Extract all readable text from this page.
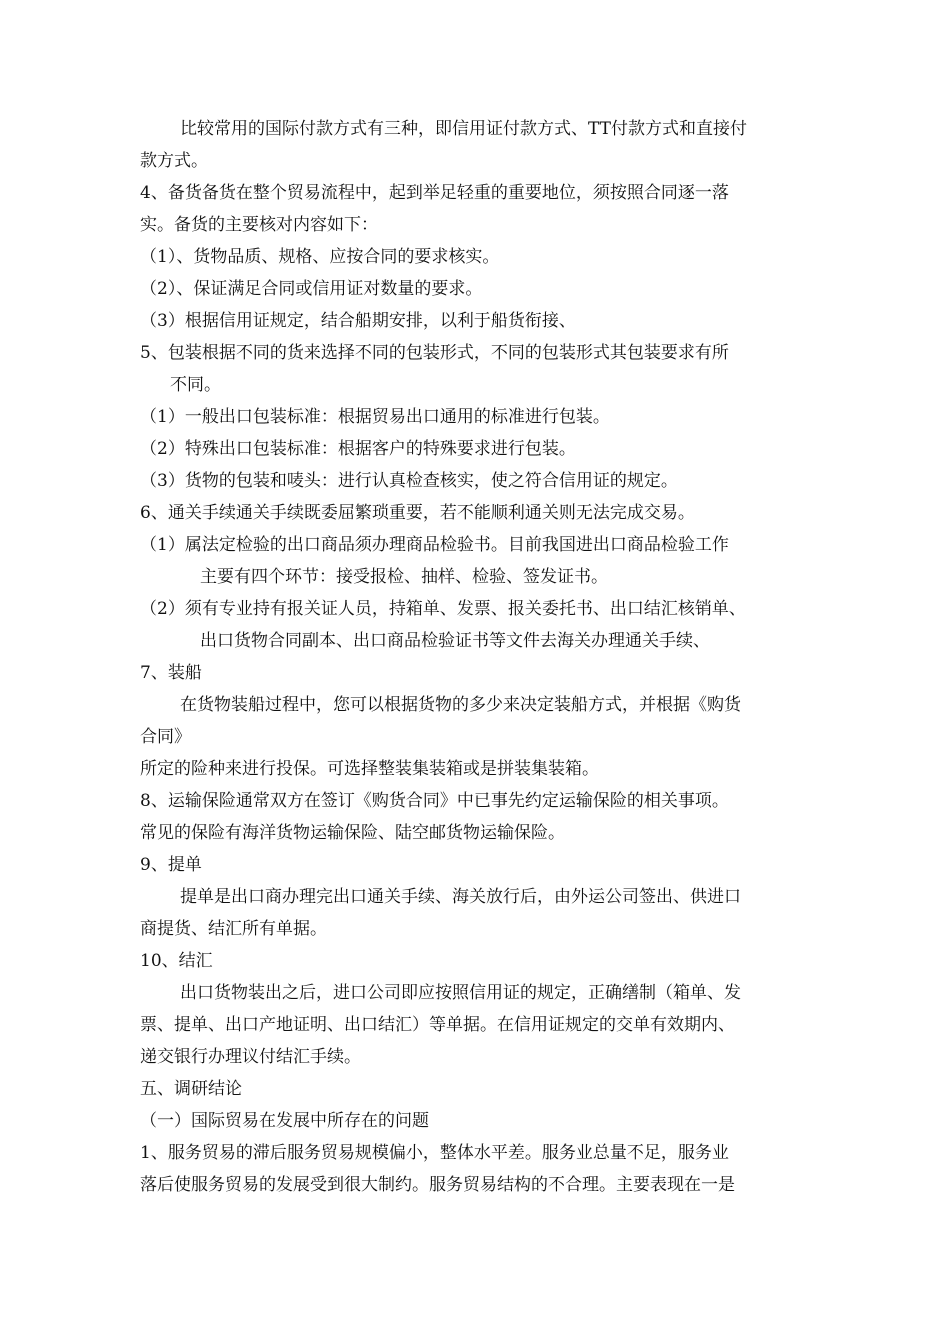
比较常用的国际付款方式有三种，即信用证付款方式、TT付款方式和直接付
款方式。
4、备货备货在整个贸易流程中，起到举足轻重的重要地位，须按照合同逐一落
实。备货的主要核对内容如下：
（1）、货物品质、规格、应按合同的要求核实。
（2）、保证满足合同或信用证对数量的要求。
（3）根据信用证规定，结合船期安排，以利于船货衔接、
5、包装根据不同的货来选择不同的包装形式，不同的包装形式其包装要求有所
不同。
（1）一般出口包装标准：根据贸易出口通用的标准进行包装。
（2）特殊出口包装标准：根据客户的特殊要求进行包装。
（3）货物的包装和唛头：进行认真检查核实，使之符合信用证的规定。
6、通关手续通关手续既委屈繁琐重要，若不能顺利通关则无法完成交易。
（1）属法定检验的出口商品须办理商品检验书。目前我国进出口商品检验工作
主要有四个环节：接受报检、抽样、检验、签发证书。
（2）须有专业持有报关证人员，持箱单、发票、报关委托书、出口结汇核销单、
出口货物合同副本、出口商品检验证书等文件去海关办理通关手续、
7、装船
在货物装船过程中，您可以根据货物的多少来决定装船方式，并根据《购货
合同》
所定的险种来进行投保。可选择整装集装箱或是拼装集装箱。
8、运输保险通常双方在签订《购货合同》中已事先约定运输保险的相关事项。
常见的保险有海洋货物运输保险、陆空邮货物运输保险。
9、提单
提单是出口商办理完出口通关手续、海关放行后，由外运公司签出、供进口
商提货、结汇所有单据。
10、结汇
出口货物装出之后，进口公司即应按照信用证的规定，正确缮制（箱单、发
票、提单、出口产地证明、出口结汇）等单据。在信用证规定的交单有效期内、
递交银行办理议付结汇手续。
五、调研结论
（一）国际贸易在发展中所存在的问题
1、服务贸易的滞后服务贸易规模偏小，整体水平差。服务业总量不足，服务业
落后使服务贸易的发展受到很大制约。服务贸易结构的不合理。主要表现在一是
